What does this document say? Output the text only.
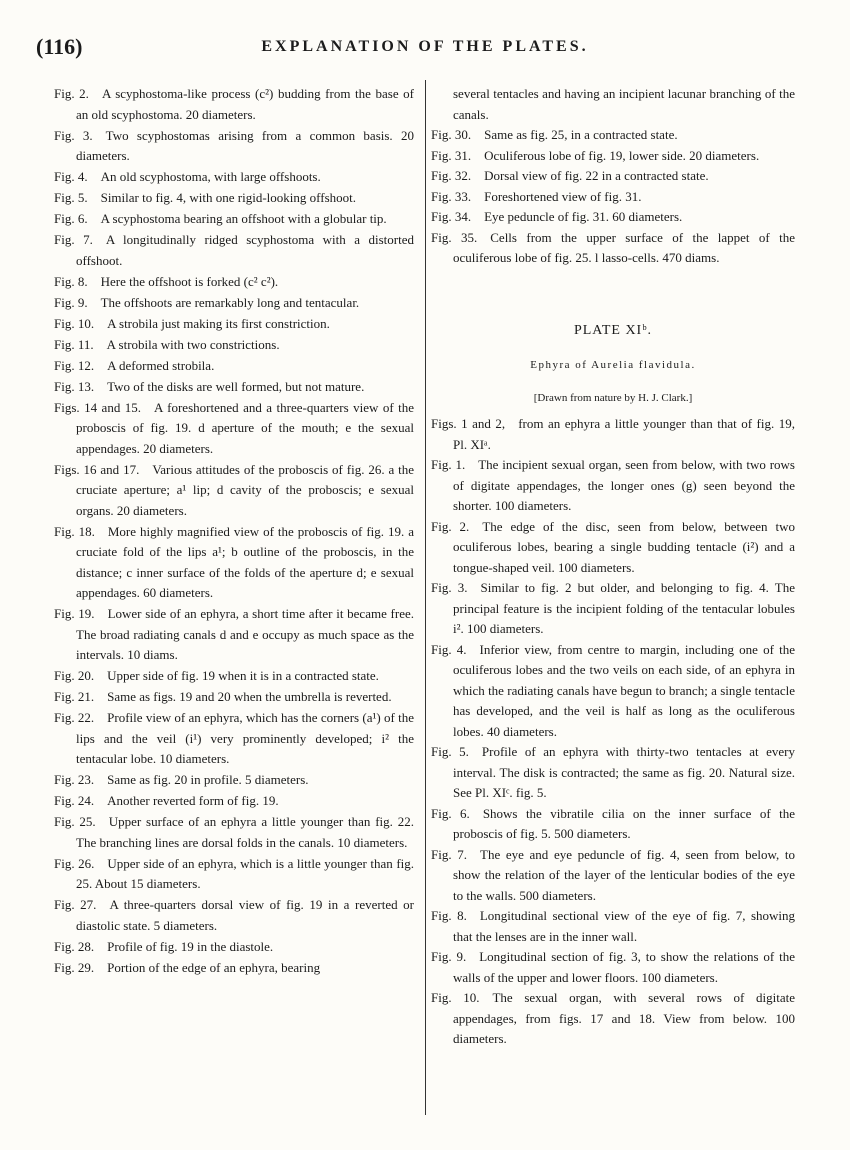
(116)	EXPLANATION OF THE PLATES.

Fig. 2.  A scyphostoma-like process (c²) budding from the base of an old scyphostoma. 20 diameters.

Fig. 3.  Two scyphostomas arising from a common basis. 20 diameters.

Fig. 4.  An old scyphostoma, with large offshoots.

Fig. 5.  Similar to fig. 4, with one rigid-looking offshoot.

Fig. 6.  A scyphostoma bearing an offshoot with a globular tip.

Fig. 7.  A longitudinally ridged scyphostoma with a distorted offshoot.

Fig. 8.  Here the offshoot is forked (c² c²).

Fig. 9.  The offshoots are remarkably long and tentacular.

Fig. 10.  A strobila just making its first constriction.

Fig. 11.  A strobila with two constrictions.

Fig. 12.  A deformed strobila.

Fig. 13.  Two of the disks are well formed, but not mature.

Figs. 14 and 15.  A foreshortened and a three-quarters view of the proboscis of fig. 19. d aperture of the mouth; e the sexual appendages. 20 diameters.

Figs. 16 and 17.  Various attitudes of the proboscis of fig. 26. a the cruciate aperture; a¹ lip; d cavity of the proboscis; e sexual organs. 20 diameters.

Fig. 18.  More highly magnified view of the proboscis of fig. 19. a cruciate fold of the lips a¹; b outline of the proboscis, in the distance; c inner surface of the folds of the aperture d; e sexual appendages. 60 diameters.

Fig. 19.  Lower side of an ephyra, a short time after it became free. The broad radiating canals d and e occupy as much space as the intervals. 10 diams.

Fig. 20.  Upper side of fig. 19 when it is in a contracted state.

Fig. 21.  Same as figs. 19 and 20 when the umbrella is reverted.

Fig. 22.  Profile view of an ephyra, which has the corners (a¹) of the lips and the veil (i¹) very prominently developed; i² the tentacular lobe. 10 diameters.

Fig. 23.  Same as fig. 20 in profile. 5 diameters.

Fig. 24.  Another reverted form of fig. 19.

Fig. 25.  Upper surface of an ephyra a little younger than fig. 22. The branching lines are dorsal folds in the canals. 10 diameters.

Fig. 26.  Upper side of an ephyra, which is a little younger than fig. 25. About 15 diameters.

Fig. 27.  A three-quarters dorsal view of fig. 19 in a reverted or diastolic state. 5 diameters.

Fig. 28.  Profile of fig. 19 in the diastole.

Fig. 29.  Portion of the edge of an ephyra, bearing

several tentacles and having an incipient lacunar branching of the canals.

Fig. 30.  Same as fig. 25, in a contracted state.

Fig. 31.  Oculiferous lobe of fig. 19, lower side. 20 diameters.

Fig. 32.  Dorsal view of fig. 22 in a contracted state.

Fig. 33.  Foreshortened view of fig. 31.

Fig. 34.  Eye peduncle of fig. 31. 60 diameters.

Fig. 35.  Cells from the upper surface of the lappet of the oculiferous lobe of fig. 25. l lasso-cells. 470 diams.

PLATE XIᵇ.

Ephyra of Aurelia flavidula.

[Drawn from nature by H. J. Clark.]

Figs. 1 and 2,  from an ephyra a little younger than that of fig. 19, Pl. XIᵃ.

Fig. 1.  The incipient sexual organ, seen from below, with two rows of digitate appendages, the longer ones (g) seen beyond the shorter. 100 diameters.

Fig. 2.  The edge of the disc, seen from below, between two oculiferous lobes, bearing a single budding tentacle (i²) and a tongue-shaped veil. 100 diameters.

Fig. 3.  Similar to fig. 2 but older, and belonging to fig. 4. The principal feature is the incipient folding of the tentacular lobules i². 100 diameters.

Fig. 4.  Inferior view, from centre to margin, including one of the oculiferous lobes and the two veils on each side, of an ephyra in which the radiating canals have begun to branch; a single tentacle has developed, and the veil is half as long as the oculiferous lobes. 40 diameters.

Fig. 5.  Profile of an ephyra with thirty-two tentacles at every interval. The disk is contracted; the same as fig. 20. Natural size. See Pl. XIᶜ. fig. 5.

Fig. 6.  Shows the vibratile cilia on the inner surface of the proboscis of fig. 5. 500 diameters.

Fig. 7.  The eye and eye peduncle of fig. 4, seen from below, to show the relation of the layer of the lenticular bodies of the eye to the walls. 500 diameters.

Fig. 8.  Longitudinal sectional view of the eye of fig. 7, showing that the lenses are in the inner wall.

Fig. 9.  Longitudinal section of fig. 3, to show the relations of the walls of the upper and lower floors. 100 diameters.

Fig. 10.  The sexual organ, with several rows of digitate appendages, from figs. 17 and 18. View from below. 100 diameters.
